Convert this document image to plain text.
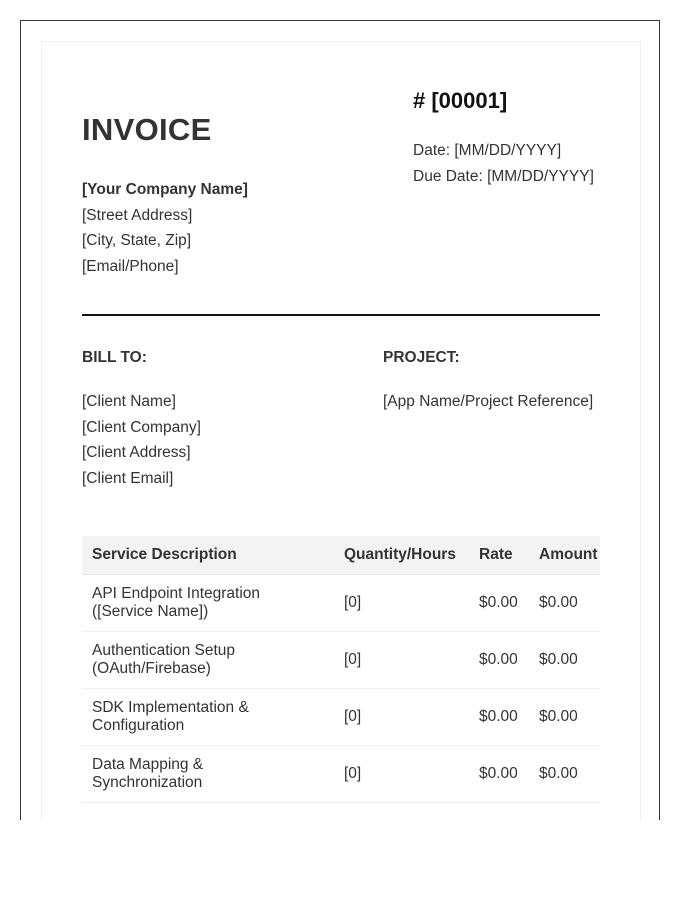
INVOICE
# [00001]
Date: [MM/DD/YYYY]
Due Date: [MM/DD/YYYY]
[Your Company Name]
[Street Address]
[City, State, Zip]
[Email/Phone]
BILL TO:	PROJECT:
[Client Name]
[Client Company]
[Client Address]
[Client Email]
[App Name/Project Reference]
Service Description	Quantity/Hours	Rate	Amount

API Endpoint Integration
([Service Name])	[0]	$0.00	$0.00

Authentication Setup
(OAuth/Firebase)	[0]	$0.00	$0.00

SDK Implementation &
Configuration	[0]	$0.00	$0.00

Data Mapping &
Synchronization	[0]	$0.00	$0.00
